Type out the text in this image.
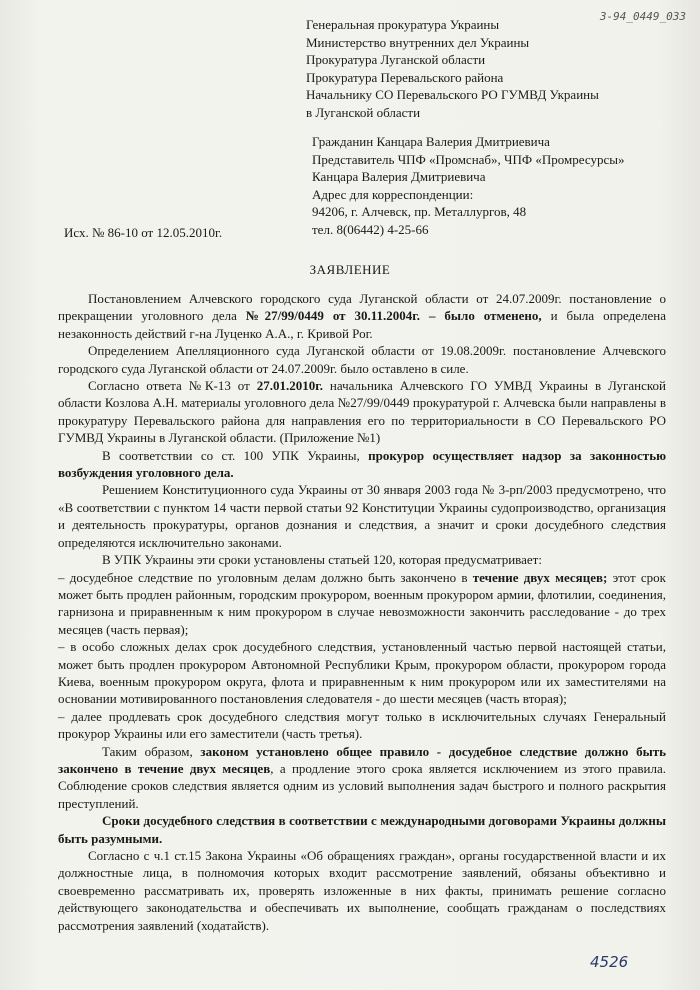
3-94_0449_033
Генеральная прокуратура Украины
Министерство внутренних дел Украины
Прокуратура Луганской области
Прокуратура Перевальского района
Начальнику СО Перевальского РО ГУМВД Украины
в Луганской области
Гражданин Канцара Валерия Дмитриевича
Представитель ЧПФ «Промснаб», ЧПФ «Промресурсы»
Канцара Валерия Дмитриевича
Адрес для корреспонденции:
94206, г. Алчевск, пр. Металлургов, 48
тел. 8(06442) 4-25-66
Исх. № 86-10 от 12.05.2010г.
ЗАЯВЛЕНИЕ

Постановлением Алчевского городского суда Луганской области от 24.07.2009г. постановление о прекращении уголовного дела №27/99/0449 от 30.11.2004г. – было отменено, и была определена незаконность действий г-на Луценко А.А., г. Кривой Рог.

Определением Апелляционного суда Луганской области от 19.08.2009г. постановление Алчевского городского суда Луганской области от 24.07.2009г. было оставлено в силе.

Согласно ответа №К-13 от 27.01.2010г. начальника Алчевского ГО УМВД Украины в Луганской области Козлова А.Н. материалы уголовного дела №27/99/0449 прокуратурой г. Алчевска были направлены в прокуратуру Перевальского района для направления его по территориальности в СО Перевальского РО ГУМВД Украины в Луганской области. (Приложение №1)

В соответствии со ст. 100 УПК Украины, прокурор осуществляет надзор за законностью возбуждения уголовного дела.

Решением Конституционного суда Украины от 30 января 2003 года № 3-рп/2003 предусмотрено, что «В соответствии с пунктом 14 части первой статьи 92 Конституции Украины судопроизводство, организация и деятельность прокуратуры, органов дознания и следствия, а значит и сроки досудебного следствия определяются исключительно законами.

В УПК Украины эти сроки установлены статьей 120, которая предусматривает:

– досудебное следствие по уголовным делам должно быть закончено в течение двух месяцев; этот срок может быть продлен районным, городским прокурором, военным прокурором армии, флотилии, соединения, гарнизона и приравненным к ним прокурором в случае невозможности закончить расследование - до трех месяцев (часть первая);

– в особо сложных делах срок досудебного следствия, установленный частью первой настоящей статьи, может быть продлен прокурором Автономной Республики Крым, прокурором области, прокурором города Киева, военным прокурором округа, флота и приравненным к ним прокурором или их заместителями на основании мотивированного постановления следователя - до шести месяцев (часть вторая);

– далее продлевать срок досудебного следствия могут только в исключительных случаях Генеральный прокурор Украины или его заместители (часть третья).

Таким образом, законом установлено общее правило - досудебное следствие должно быть закончено в течение двух месяцев, а продление этого срока является исключением из этого правила. Соблюдение сроков следствия является одним из условий выполнения задач быстрого и полного раскрытия преступлений.

Сроки досудебного следствия в соответствии с международными договорами Украины должны быть разумными.

Согласно с ч.1 ст.15 Закона Украины «Об обращениях граждан», органы государственной власти и их должностные лица, в полномочия которых входит рассмотрение заявлений, обязаны объективно и своевременно рассматривать их, проверять изложенные в них факты, принимать решение согласно действующего законодательства и обеспечивать их выполнение, сообщать гражданам о последствиях рассмотрения заявлений (ходатайств).

4526
